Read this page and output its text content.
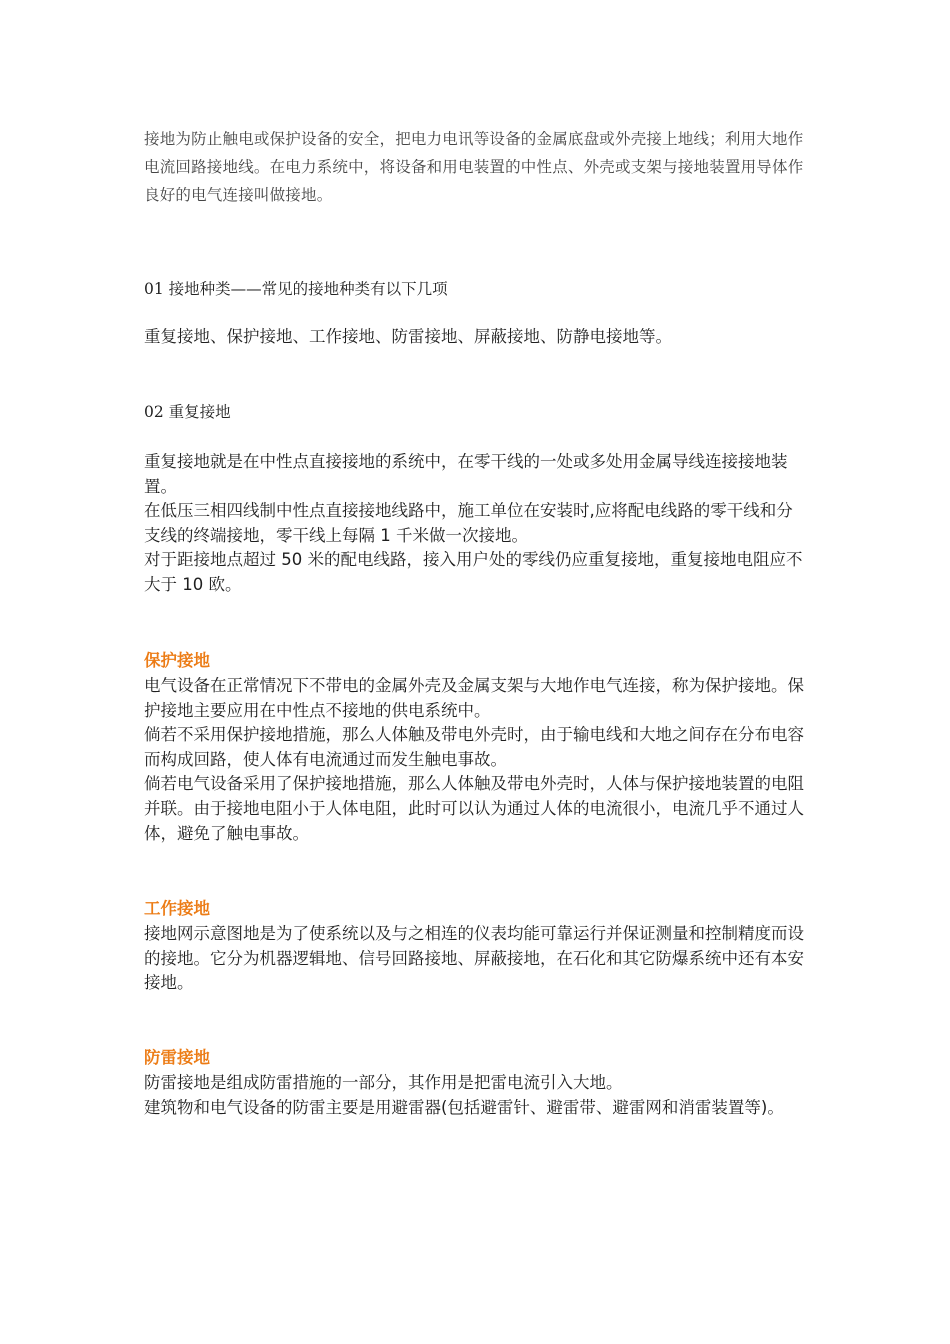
接地为防止触电或保护设备的安全，把电力电讯等设备的金属底盘或外壳接上地线；利用大地作电流回路接地线。在电力系统中，将设备和用电装置的中性点、外壳或支架与接地装置用导体作良好的电气连接叫做接地。

01 接地种类——常见的接地种类有以下几项
重复接地、保护接地、工作接地、防雷接地、屏蔽接地、防静电接地等。
02 重复接地

重复接地就是在中性点直接接地的系统中，在零干线的一处或多处用金属导线连接接地装置。

在低压三相四线制中性点直接接地线路中，施工单位在安装时,应将配电线路的零干线和分支线的终端接地，零干线上每隔 1 千米做一次接地。

对于距接地点超过 50 米的配电线路，接入用户处的零线仍应重复接地，重复接地电阻应不大于 10 欧。

保护接地

电气设备在正常情况下不带电的金属外壳及金属支架与大地作电气连接，称为保护接地。保护接地主要应用在中性点不接地的供电系统中。

倘若不采用保护接地措施，那么人体触及带电外壳时，由于输电线和大地之间存在分布电容而构成回路，使人体有电流通过而发生触电事故。

倘若电气设备采用了保护接地措施，那么人体触及带电外壳时，人体与保护接地装置的电阻并联。由于接地电阻小于人体电阻，此时可以认为通过人体的电流很小，电流几乎不通过人体，避免了触电事故。

工作接地

接地网示意图地是为了使系统以及与之相连的仪表均能可靠运行并保证测量和控制精度而设的接地。它分为机器逻辑地、信号回路接地、屏蔽接地，在石化和其它防爆系统中还有本安接地。

防雷接地

防雷接地是组成防雷措施的一部分，其作用是把雷电流引入大地。

建筑物和电气设备的防雷主要是用避雷器(包括避雷针、避雷带、避雷网和消雷装置等)。
